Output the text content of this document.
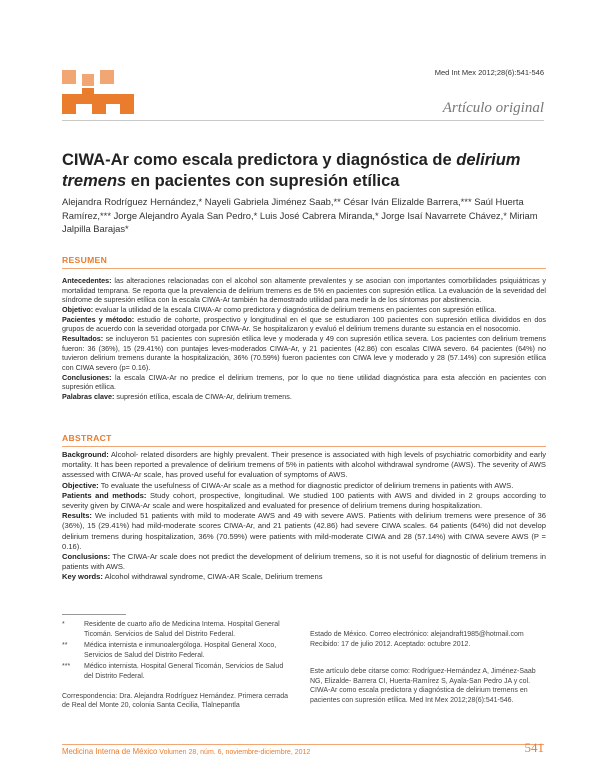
Med Int Mex 2012;28(6):541-546
Artículo original
CIWA-Ar como escala predictora y diagnóstica de delirium tremens en pacientes con supresión etílica
Alejandra Rodríguez Hernández,* Nayeli Gabriela Jiménez Saab,** César Iván Elizalde Barrera,*** Saúl Huerta Ramírez,*** Jorge Alejandro Ayala San Pedro,* Luis José Cabrera Miranda,* Jorge Isaí Navarrete Chávez,* Miriam Jalpilla Barajas*
RESUMEN

Antecedentes: las alteraciones relacionadas con el alcohol son altamente prevalentes y se asocian con importantes comorbilidades psiquiátricas y mortalidad temprana. Se reporta que la prevalencia de delirium tremens es de 5% en pacientes con supresión etílica. La evaluación de la severidad del síndrome de supresión etílica con la escala CIWA-Ar también ha demostrado utilidad para medir la de los síntomas por abstinencia.

Objetivo: evaluar la utilidad de la escala CIWA-Ar como predictora y diagnóstica de delirium tremens en pacientes con supresión etílica.

Pacientes y método: estudio de cohorte, prospectivo y longitudinal en el que se estudiaron 100 pacientes con supresión etílica divididos en dos grupos de acuerdo con la severidad otorgada por CIWA-Ar. Se hospitalizaron y evaluó el delirium tremens durante su estancia en el nosocomio.

Resultados: se incluyeron 51 pacientes con supresión etílica leve y moderada y 49 con supresión etílica severa. Los pacientes con delirium tremens fueron: 36 (36%), 15 (29.41%) con puntajes leves-moderados CIWA-Ar, y 21 pacientes (42.86) con escalas CIWA severo. 64 pacientes (64%) no tuvieron delirium tremens durante la hospitalización, 36% (70.59%) fueron pacientes con CIWA leve y moderado y 28 (57.14%) con supresión etílica con CIWA severo (p= 0.16).

Conclusiones: la escala CIWA-Ar no predice el delirium tremens, por lo que no tiene utilidad diagnóstica para esta afección en pacientes con supresión etílica.

Palabras clave: supresión etílica, escala de CIWA-Ar, delirium tremens.

ABSTRACT

Background: Alcohol- related disorders are highly prevalent. Their presence is associated with high levels of psychiatric comorbidity and early mortality. It has been reported a prevalence of delirium tremens of 5% in patients with alcohol withdrawal syndrome (AWS). The severity of AWS assessed with CIWA-Ar scale, has proved useful for evaluation of symptoms of AWS.

Objective: To evaluate the usefulness of CIWA-Ar scale as a method for diagnostic predictor of delirium tremens in patients with AWS.

Patients and methods: Study cohort, prospective, longitudinal. We studied 100 patients with AWS and divided in 2 groups according to severity given by CIWA-Ar scale and were hospitalized and evaluated for presence of delirium tremens during hospitalization.

Results: We included 51 patients with mild to moderate AWS and 49 with severe AWS. Patients with delirium tremens were presence of 36 (36%), 15 (29.41%) had mild-moderate scores CIWA-Ar, and 21 patients (42.86) had severe CIWA scales. 64 patients (64%) did not develop delirium tremens during hospitalization, 36% (70.59%) were patients with mild-moderate CIWA and 28 (57.14%) with CIWA severe AWS (P = 0.16).

Conclusions: The CIWA-Ar scale does not predict the development of delirium tremens, so it is not useful for diagnostic of delirium tremens in patients with AWS.

Key words: Alcohol withdrawal syndrome, CIWA-AR Scale, Delirium tremens

*	Residente de cuarto año de Medicina Interna. Hospital General Ticomán. Servicios de Salud del Distrito Federal.
**	Médica internista e inmunoalergóloga. Hospital General Xoco, Servicios de Salud del Distrito Federal.
***	Médico internista. Hospital General Ticomán, Servicios de Salud del Distrito Federal.
Correspondencia: Dra. Alejandra Rodríguez Hernández. Primera cerrada de Real del Monte 20, colonia Santa Cecilia, Tlalnepantla
Estado de México. Correo electrónico: alejandraft1985@hotmail.com Recibido: 17 de julio 2012. Aceptado: octubre 2012.
Este artículo debe citarse como: Rodríguez-Hernández A, Jiménez-Saab NG, Elizalde- Barrera CI, Huerta-Ramírez S, Ayala-San Pedro JA y col. CIWA-Ar como escala predictora y diagnóstica de delirium tremens en pacientes con supresión etílica. Med Int Mex 2012;28(6):541-546.
Medicina Interna de México Volumen 28, núm. 6, noviembre-diciembre, 2012	541
